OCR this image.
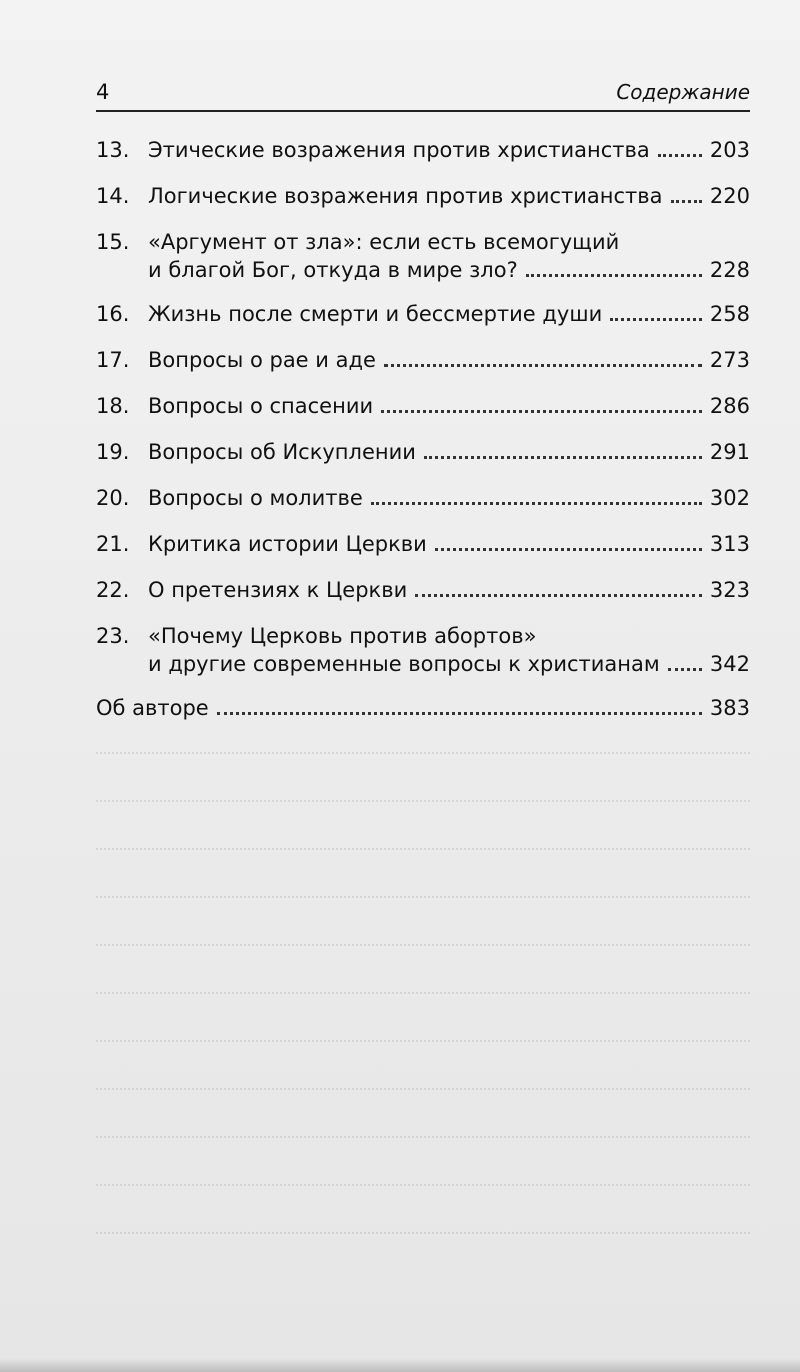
4	Содержание
13. Этические возражения против христианства	203
14. Логические возражения против христианства 220
15. «Аргумент от зла»: если есть всемогущий
и благой Бог, откуда в мире зло?	228
16. Жизнь после смерти и бессмертие души	258
17. Вопросы о рае и аде	273
18. Вопросы о спасении	286
19. Вопросы об Искуплении	291
20. Вопросы о молитве	302
21. Критика истории Церкви	313
22. О претензиях к Церкви	323
23. «Почему Церковь против абортов»
и другие современные вопросы к христианам 342
Об авторе	383
